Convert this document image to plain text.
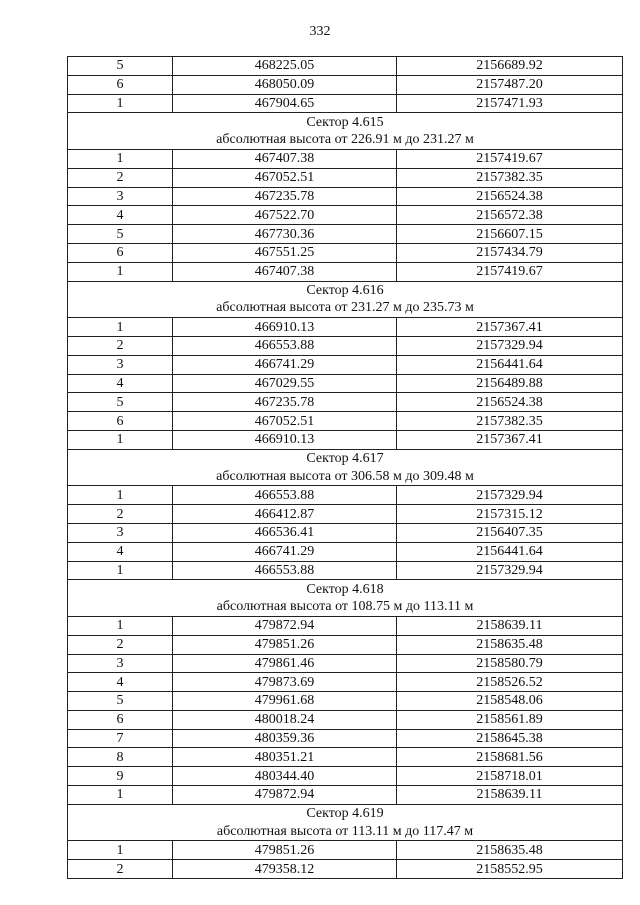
332
5	468225.05	2156689.92
6	468050.09	2157487.20
1	467904.65	2157471.93

Сектор 4.615
абсолютная высота от 226.91 м до 231.27 м		

1	467407.38	2157419.67
2	467052.51	2157382.35
3	467235.78	2156524.38
4	467522.70	2156572.38
5	467730.36	2156607.15
6	467551.25	2157434.79
1	467407.38	2157419.67

Сектор 4.616
абсолютная высота от 231.27 м до 235.73 м		

1	466910.13	2157367.41
2	466553.88	2157329.94
3	466741.29	2156441.64
4	467029.55	2156489.88
5	467235.78	2156524.38
6	467052.51	2157382.35
1	466910.13	2157367.41

Сектор 4.617
абсолютная высота от 306.58 м до 309.48 м		

1	466553.88	2157329.94
2	466412.87	2157315.12
3	466536.41	2156407.35
4	466741.29	2156441.64
1	466553.88	2157329.94

Сектор 4.618
абсолютная высота от 108.75 м до 113.11 м		

1	479872.94	2158639.11
2	479851.26	2158635.48
3	479861.46	2158580.79
4	479873.69	2158526.52
5	479961.68	2158548.06
6	480018.24	2158561.89
7	480359.36	2158645.38
8	480351.21	2158681.56
9	480344.40	2158718.01
1	479872.94	2158639.11

Сектор 4.619
абсолютная высота от 113.11 м до 117.47 м		

1	479851.26	2158635.48
2	479358.12	2158552.95
